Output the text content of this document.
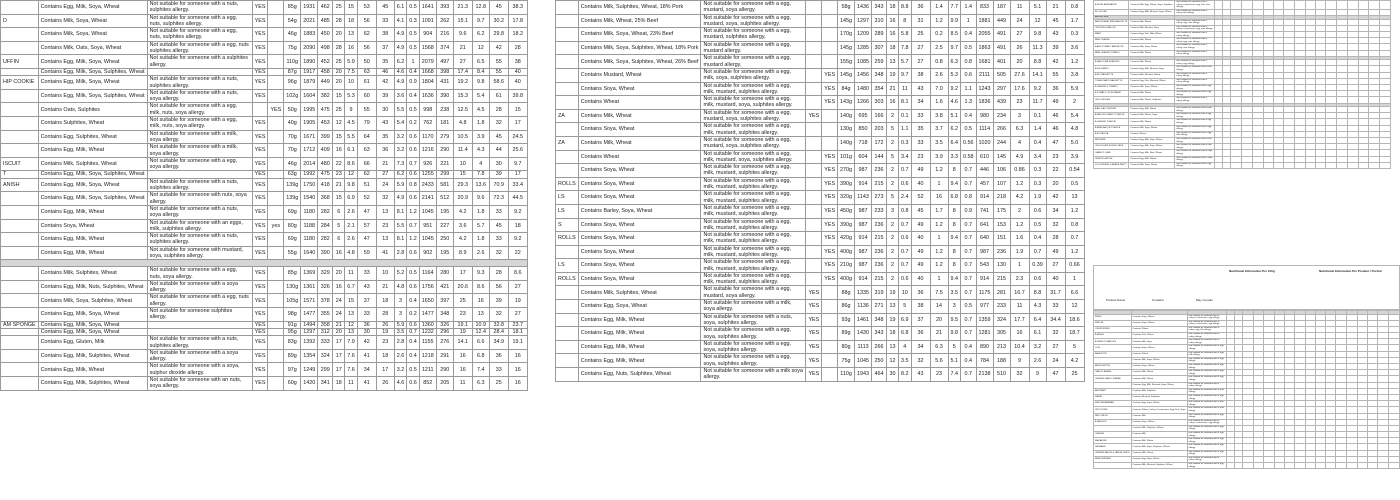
	Contains Egg, Milk, Soya, Wheat	Not suitable for someone with a nuts, sulphites allergy.	YES		85g	1931	462	25	15	53	45	6.1	0.5	1641	393	21.3	12.8	45	38.3
D	Contains Milk, Soya, Wheat	Not suitable for someone with a egg, nuts, sulphites allergy.	YES		54g	2021	485	28	18	56	33	4.1	0.3	1091	262	15.1	9.7	30.2	17.8
	Contains Milk, Soya, Wheat	Not suitable for someone with a egg, nuts, sulphites allergy.	YES		46g	1883	450	20	13	62	38	4.9	0.5	904	216	9.6	6.2	29.8	18.2
	Contains Milk, Oats, Soya, Wheat	Not suitable for someone with a egg, nuts sulphites allergy.	YES		75g	2090	498	28	16	56	37	4.9	0.5	1568	374	21	12	42	28
UFFIN	Contains Egg, Milk, Soya, Wheat	Not suitable for someone with a sulphites allergy.	YES		110g	1890	452	25	5.9	50	35	6.2	1	2079	497	27	6.5	55	38
	Contains Egg, Milk, Soya, Sulphites, Wheat		YES		87g	1917	458	20	7.5	63	46	4.6	0.4	1668	398	17.4	8.4	55	40
HIP COOKIE	Contains Egg, Milk, Soya, Wheat	Not suitable for someone with a nuts, sulphites allergy.	YES		96g	1879	449	20	10	61	42	4.9	0.9	1804	431	19.2	9.8	58.6	40
	Contains Egg, Milk, Soya, Sulphites, Wheat	Not suitable for someone with a nuts, soya allergy.	YES		102g	1604	382	15	5.3	60	39	3.6	0.4	1636	390	15.3	5.4	61	39.8
	Contains Oats, Sulphites	Not suitable for someone with a egg, milk, nuts, soya allergy.		YES	50g	1995	475	25	9	55	30	5.5	0.5	998	238	12.5	4.5	28	15
	Contains Sulphites, Wheat	Not suitable for someone with a egg, milk, nuts, soya allergy.	YES		40g	1905	453	12	4.5	79	43	5.4	0.2	762	181	4.8	1.8	32	17
	Contains Egg, Sulphites, Wheat	Not suitable for someone with a milk, soya allergy.	YES		70g	1671	399	15	5.5	64	35	3.2	0.6	1170	279	10.5	3.9	45	24.5
	Contains Egg, Milk, Wheat	Not suitable for someone with a milk, soya allergy.	YES		70g	1712	409	16	6.1	63	36	3.2	0.6	1216	290	11.4	4.3	44	25.6
ISCUIT	Contains Milk, Sulphites, Wheat	Not suitable for someone with a egg, soya allergy.	YES		46g	2014	480	22	8.6	66	21	7.3	0.7	926	221	10	4	30	9.7
T	Contains Egg, Milk, Soya, Sulphites, Wheat		YES		63g	1992	475	23	12	62	27	6.2	0.6	1255	299	15	7.8	39	17
ANISH	Contains Egg, Milk, Soya, Wheat	Not suitable for someone with a nuts, sulphites allergy.	YES		139g	1750	418	21	9.8	51	24	5.9	0.8	2433	581	29.3	13.6	70.9	33.4
	Contains Egg, Milk, Soya, Sulphites, Wheat	Not suitable for someone with nuts, soya allergy.	YES		139g	1540	368	15	6.9	52	32	4.9	0.6	2141	512	20.9	9.6	72.3	44.5
	Contains Egg, Milk, Wheat	Not suitable for someone with a nuts, soya allergy.	YES		69g	1180	282	6	2.6	47	13	8.1	1.2	1045	195	4.2	1.8	33	9.2
	Contains Soya, Wheat	Not suitable for someone with an eggs, milk, sulphites allergy.	YES	yes	80g	1188	284	5	2.1	57	23	5.5	0.7	951	227	3.6	5.7	45	18
	Contains Egg, Milk, Wheat	Not suitable for someone with a nuts, sulphites allergy.	YES		69g	1180	282	6	2.6	47	13	8.1	1.2	1045	250	4.2	1.8	33	9.2
	Contains Egg, Milk, Wheat	Not suitable for someone with mustard, soya, sulphites allergy.	YES		55g	1640	390	16	4.8	59	41	2.8	0.6	902	195	8.9	2.6	32	22

	Contains Milk, Sulphites, Wheat	Not suitable for someone with a egg, nuts, soya allergy.	YES		85g	1369	329	20	11	33	10	5.2	0.5	1164	280	17	9.3	28	8.6
	Contains Egg, Milk, Nuts, Sulphites, Wheat	Not suitable for someone with a soya allergy.	YES		130g	1361	326	16	6.7	43	21	4.8	0.6	1756	421	20.6	8.6	56	27
	Contains Milk, Soya, Sulphites, Wheat	Not suitable for someone with a egg, nuts allergy.	YES		105g	1571	378	24	15	37	18	3	0.4	1650	397	25	16	39	19
	Contains Egg, Milk, Soya, Wheat	Not suitable for someone sulphites allergy.	YES		98g	1477	355	24	13	33	28	3	0.2	1477	348	23	13	32	27
AM SPONGE	Contains Egg, Milk, Soya, Wheat		YES		91g	1494	358	21	12	36	26	5.9	0.6	1360	326	19.1	10.9	32.8	23.7
	Contains Egg, Milk, Soya, Wheat		YES		95g	1297	312	20	13	30	19	3.5	0.7	1232	296	19	12.4	28.4	18.1
	Contains Egg, Gluten, Milk	Not suitable for someone with a nuts, sulphites allergy.	YES		83g	1392	333	17	7.9	42	23	2.8	0.4	1155	276	14.1	6.6	34.9	19.1
	Contains Egg, Milk, Sulphites, Wheat	Not suitable for someone with a soya allergy.	YES		89g	1354	324	17	7.6	41	18	2.6	0.4	1218	291	16	6.8	36	16
	Contains Egg, Milk, Wheat	Not suitable for someone with a soya, sulphur dioxide allergy.	YES		97g	1249	299	17	7.6	34	17	3.2	0.5	1211	290	16	7.4	33	16
	Contains Egg, Milk, Sulphites, Wheat	Not suitable for someone with an nuts, soya allergy.	YES		60g	1420	341	18	11	41	26	4.6	0.6	852	205	11	6.3	25	16
	Contains Milk, Sulphites, Wheat, 18% Pork	Not suitable for someone with a egg, mustard, soya allergy.			58g	1436	343	18	8.8	36	1.4	7.7	1.4	833	187	11	5.1	21	0.8
	Contains Milk, Wheat, 25% Beef	Not suitable for someone with a egg, mustard, soya, sulphites allergy.			145g	1297	310	16	8	31	1.2	9.9	1	1881	449	24	12	45	1.7
	Contains Milk, Soya, Wheat, 23% Beef	Not suitable for someone with a egg, mustard, sulphites allergy.			170g	1209	289	16	5.8	25	0.2	8.5	0.4	2055	491	27	9.8	43	0.3
	Contains Milk, Soya, Sulphites, Wheat, 18% Pork	Not suitable for someone with a egg, mustard allergy.			145g	1285	307	18	7.8	27	2.5	9.7	0.5	1863	491	26	11.3	39	3.6
	Contains Milk, Soya, Sulphites, Wheat, 26% Beef	Not suitable for someone with a egg, mustard allergy.			155g	1085	259	13	5.7	27	0.8	6.3	0.8	1681	401	20	8.8	42	1.2
	Contains Mustard, Wheat	Not suitable for someone with a egg, milk, soya, sulphites allergy.		YES	145g	1456	348	19	9.7	38	2.6	5.3	0.6	2111	505	27.6	14.1	55	3.8
	Contains Soya, Wheat	Not suitable for someone with a egg, milk, mustard, sulphites allergy.		YES	84g	1480	354	21	11	43	7.0	9.2	1.1	1243	297	17.6	9.2	36	5.9
	Contains Wheat	Not suitable for someone with a egg, milk, mustard, soya, sulphites allergy.		YES	143g	1266	303	16	8.1	34	1.6	4.6	1.3	1836	439	23	11.7	49	2
ZA	Contains Milk, Wheat	Not suitable for someone with a egg, mustard, soya, sulphites allergy.	YES		140g	695	166	2	0.1	33	3.8	5.1	0.4	980	234	3	0.1	46	5.4
	Contains Soya, Wheat	Not suitable for someone with a egg, milk, mustard, sulphites allergy.			130g	850	203	5	1.1	35	3.7	6.2	0.5	1114	266	6.3	1.4	46	4.8
ZA	Contains Milk, Wheat	Not suitable for someone with a egg, mustard, soya, sulphites allergy.			140g	718	172	2	0.3	33	3.5	6.4	0.56	1020	244	4	0.4	47	5.0
	Contains Wheat	Not suitable for someone with a egg, milk, mustard, soya, sulphites allergy.		YES	101g	604	144	5	3.4	23	3.9	3.3	0.58	610	145	4.9	3.4	23	3.9
	Contains Soya, Wheat	Not suitable for someone with a egg, milk, mustard, sulphites allergy.		YES	270g	987	236	2	0.7	49	1.2	8	0.7	446	106	0.86	0.3	22	0.54
ROLLS	Contains Soya, Wheat	Not suitable for someone with a egg, milk, mustard, sulphites allergy.		YES	390g	914	215	2	0.6	40	1	9.4	0.7	457	107	1.2	0.3	20	0.5
LS	Contains Soya, Wheat	Not suitable for someone with a egg, milk, mustard, sulphites allergy.		YES	320g	1143	273	5	2.4	52	16	6.8	0.8	914	218	4.2	1.9	42	13
LS	Contains Barley, Soya, Wheat	Not suitable for someone with a egg, milk, mustard, sulphites allergy.		YES	450g	987	233	3	0.8	45	1.7	8	0.9	741	175	2	0.6	34	1.2
S	Contains Soya, Wheat	Not suitable for someone with a egg, milk, mustard, sulphites allergy.		YES	390g	987	236	2	0.7	49	1.2	8	0.7	641	153	1.2	0.5	32	0.8
ROLLS	Contains Soya, Wheat	Not suitable for someone with a egg, milk, mustard, sulphites allergy.		YES	420g	914	215	2	0.6	40	1	9.4	0.7	640	151	1.6	0.4	28	0.7
	Contains Soya, Wheat	Not suitable for someone with a egg, milk, mustard, sulphites allergy.		YES	400g	987	236	2	0.7	49	1.2	8	0.7	987	236	1.9	0.7	49	1.2
LS	Contains Soya, Wheat	Not suitable for someone with a egg, milk, mustard, sulphites allergy.		YES	210g	987	236	2	0.7	49	1.2	8	0.7	543	130	1	0.39	27	0.66
ROLLS	Contains Soya, Wheat	Not suitable for someone with a egg, milk, mustard, sulphites allergy.		YES	400g	914	215	2	0.6	40	1	9.4	0.7	914	215	2.3	0.6	40	1
	Contains Milk, Sulphites, Wheat	Not suitable for someone with a egg, mustard, soya allergy.	YES		88g	1335	319	19	10	36	7.5	3.5	0.7	1175	281	16.7	8.8	31.7	6.6
	Contains Egg, Soya, Wheat	Not suitable for someone with a milk, soya allergy.	YES		86g	1136	271	13	5	38	14	3	0.5	977	233	11	4.3	33	12
	Contains Egg, Milk, Wheat	Not suitable for someone with a nuts, soya, sulphites allergy.	YES		93g	1461	348	19	6.9	37	20	9.5	0.7	1359	324	17.7	6.4	34.4	18.6
	Contains Egg, Milk, Wheat	Not suitable for someone with a egg, soya, sulphites allergy.	YES		89g	1430	343	18	6.8	36	21	9.8	0.7	1281	305	16	6.1	32	18.7
	Contains Egg, Milk, Wheat	Not suitable for someone with a egg, soya, sulphites allergy.	YES		80g	1113	266	13	4	34	6.3	5	0.4	890	213	10.4	3.2	27	5
	Contains Egg, Milk, Wheat	Not suitable for someone with a egg, soya, sulphites allergy.	YES		75g	1045	250	12	3.5	32	5.6	5.1	0.4	784	188	9	2.6	24	4.2
	Contains Egg, Nuts, Sulphites, Wheat	Not suitable for someone with a milk soya allergy.	YES		110g	1943	464	30	8.2	43	23	7.4	0.7	2138	510	32	9	47	25
A ROSE BEEFEATER	Contains Milk, Egg, Wheat, Soya, Sulphites	Not suitable for someone with a celery, crustaceans, egg, fish, nuts allergy.																	
BC GOOSE	Contains Egg, Milk, Mustard, Soya, Wheat	Not suitable for someone with a celery, fish allergy.																	
ANDWICHES																			
BACON MEAT RIBS BAGUETTE	Contains Milk, Wheat	Not suitable for someone with a celery, egg, nuts allergy.																	
CHICKEN & BACON	Contains Milk, Mustard, Soya	Not suitable for someone with a celery, crustaceans, egg, nuts allergy.																	
MEAT	Contains Egg, Fish, Milk, Wheat	Not suitable for someone with a celery allergy.																	
BRIE CHEESE	Contains Milk, Wheat	Not suitable for someone with a celery, egg, nuts allergy.																	
A AND TOMATO BAGUETTE	Contains Milk, Soya, Wheat	Not suitable for someone with a celery, nuts allergy.																	
BRIE CHEESE TOMATO	Contains Milk, Wheat	Not suitable for someone with a celery allergy.																	

A HALLOUMI ROASTED	Contains Milk, Wheat	Not suitable for someone with a celery, egg allergy.																	
A EGG MAYO	Contains Egg, Milk, Mustard, Soya	Not suitable for someone with a nuts allergy.																	
A BLT BAGUETTE	Contains Milk, Mustard, Wheat	Not suitable for someone with a celery allergy.																	
TUNA & MAYO BAGUETTE	Contains Egg, Fish, Mustard, Wheat	Not suitable for someone with a celery allergy.																	
A CHEESE & TOMATO	Contains Milk, Soya, Wheat	Not suitable for someone with a egg allergy.																	
A TOMATO OLIVE PANINI	Contains Milk, Wheat	Not suitable for someone with a egg allergy.																	
CED CHICKEN	Contains Milk, Wheat, Sulphites	Not suitable for someone with a celery allergy.																	

A ALL DAY CHICKEN	Contains Egg, Milk, Wheat	Not suitable for someone with a nuts allergy.																	
A BACON TOMATO TOASTIE	Contains Milk, Wheat, Soya	Not suitable for someone with a egg allergy.																	
A CHEESE TOASTIE	Contains Milk, Wheat	Not suitable for someone with a egg allergy.																	
A BRIE BACON TOASTIE	Contains Milk, Soya, Wheat	Not suitable for someone with a egg allergy.																	
A FOCACCIA	Contains Wheat	Not suitable for someone with a egg, milk allergy.																	
BROWNIE	Contains Egg, Milk, Soya, Wheat	Not suitable for someone with a nuts allergy.																	
CHOCOLATE FUDGE CAKE	Contains Egg, Milk, Soya, Wheat	Not suitable for someone with a nuts allergy.																	
CARROT CAKE	Contains Egg, Milk, Nuts, Wheat	Not suitable for someone with a soya allergy.																	
LEMON DRIZZLE	Contains Egg, Milk, Wheat	Not suitable for someone with a soya allergy.																	
LOU CHEESE & BEANS PASTY	Contains Milk, Soya, Wheat	Not suitable for someone with a egg allergy.																	
Nutritional Information Per 100g	Nutritional Information Per Product / Portion
Product Name	Contains	May Contain

FRIES	Contains Soya, Wheat	Not suitable for someone with a celery, crustaceans, egg allergy.																	
WEDGE	Contains Soya, Wheat	Not suitable for someone with a celery, crustaceans, egg allergy.																	
ONION RINGS	Contains Wheat	Not suitable for someone with a celery, egg, fish allergy.																	
A RINGS	Contains Fish, Wheat	Not suitable for someone with a celery allergy.																	
A FRIED TOMATOES	Contains Milk, Soya	Not suitable for someone with a celery allergy.																	
COB	Contains Soya, Wheat	Not suitable for someone with a egg allergy.																	
BAGUETTE	Contains Wheat	Not suitable for someone with a egg, milk allergy.																	
	Contains Milk, Soya, Wheat	Not suitable for someone with a egg allergy.																	
BRUSCHETTA	Contains Soya, Wheat	Not suitable for someone with a egg allergy.																	
GARLIC BREAD	Contains Milk, Wheat	Not suitable for someone with a egg allergy.																	
CHEESE GARLIC BREAD	Contains Milk, Wheat	Not suitable for someone with a egg allergy.																	
	Contains Egg, Milk, Mustard, Soya, Wheat	Not suitable for someone with a celery allergy.																	
ANTIPASTI	Contains Milk, Sulphites	Not suitable for someone with a nuts allergy.																	
SALAD	Contains Mustard, Sulphites	Not suitable for someone with a egg allergy.																	
MEDITERRANEAN	Contains Egg, Soya, Wheat	Not suitable for someone with a milk allergy.																	
CROUTONS	Contains Wheat, Celery, Crustaceans, Egg, Fish, Soya	Not suitable for someone with a nuts allergy.																	
RED ONION	Contains Milk	Not suitable for someone with a egg allergy.																	
A NACHOS	Contains Soya, Wheat	Not suitable for someone with a celery, crustaceans, egg allergy.																	
	Contains Milk, Sulphites, Wheat	Not suitable for someone with a egg allergy.																	
CHEESE	Contains Milk	Not suitable for someone with a egg allergy.																	
MACARONI	Contains Milk, Wheat	Not suitable for someone with a egg allergy.																	
SAUSAGE	Contains Milk, Soya, Sulphites, Wheat	Not suitable for someone with a egg allergy.																	
CHEESE SAUCE & LARGE CHIPS	Contains Milk, Wheat	Not suitable for someone with a egg allergy.																	
BEEF BURGER	Contains Egg, Soya, Wheat	Not suitable for someone with a celery allergy.																	
	Contains Milk, Mustard, Sulphites, Wheat	Not suitable for someone with a egg allergy.																	
